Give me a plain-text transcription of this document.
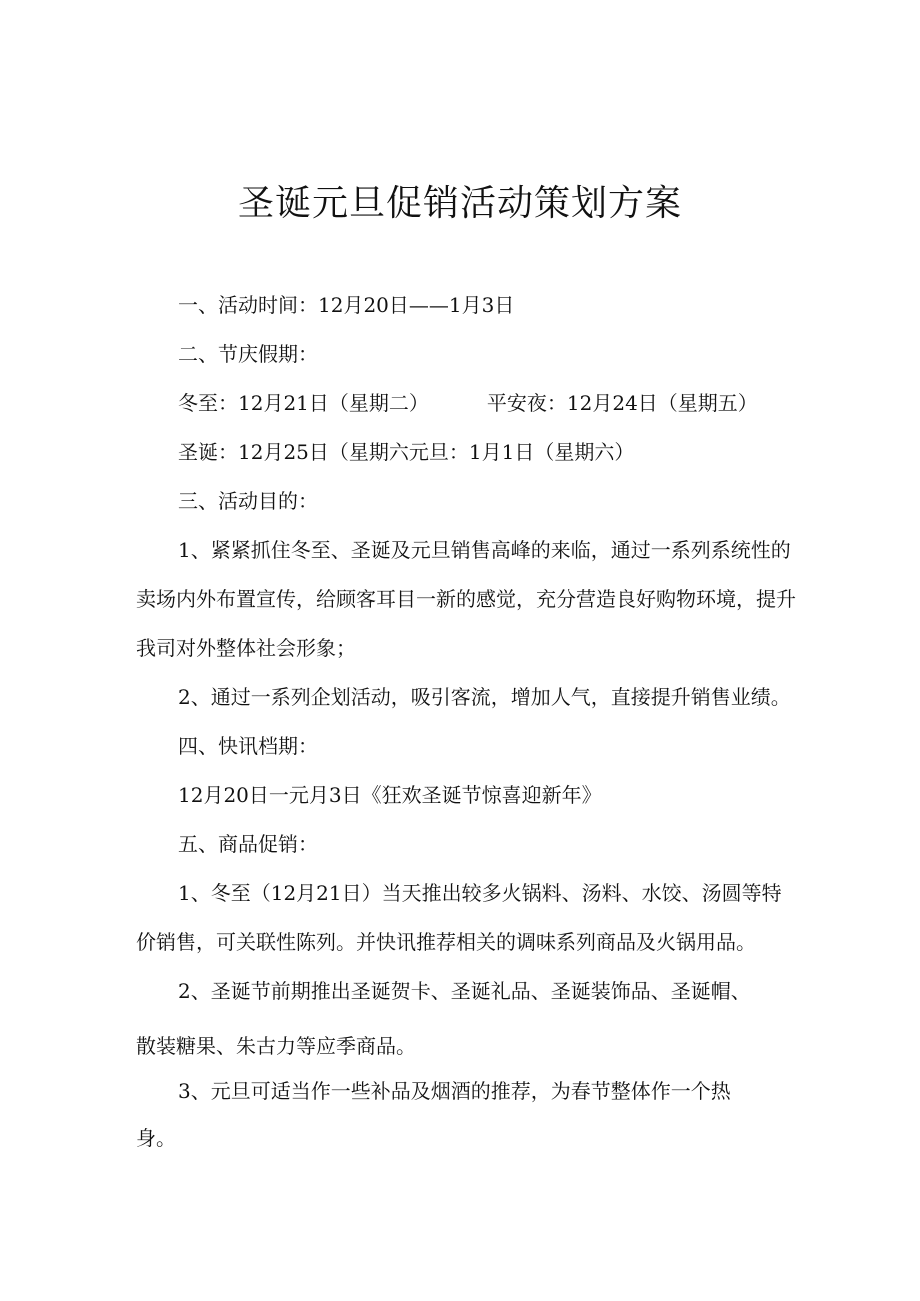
圣诞元旦促销活动策划方案
一、活动时间：12月20日——1月3日
二、节庆假期：
冬至：12月21日（星期二）	平安夜：12月24日（星期五）
圣诞：12月25日（星期六元旦：1月1日（星期六）
三、活动目的：
1、紧紧抓住冬至、圣诞及元旦销售高峰的来临，通过一系列系统性的
卖场内外布置宣传，给顾客耳目一新的感觉，充分营造良好购物环境，提升
我司对外整体社会形象；
2、通过一系列企划活动，吸引客流，增加人气，直接提升销售业绩。
四、快讯档期：
12月20日一元月3日《狂欢圣诞节惊喜迎新年》
五、商品促销：
1、冬至（12月21日）当天推出较多火锅料、汤料、水饺、汤圆等特
价销售，可关联性陈列。并快讯推荐相关的调味系列商品及火锅用品。
2、圣诞节前期推出圣诞贺卡、圣诞礼品、圣诞装饰品、圣诞帽、
散装糖果、朱古力等应季商品。
3、元旦可适当作一些补品及烟酒的推荐，为春节整体作一个热
身。
